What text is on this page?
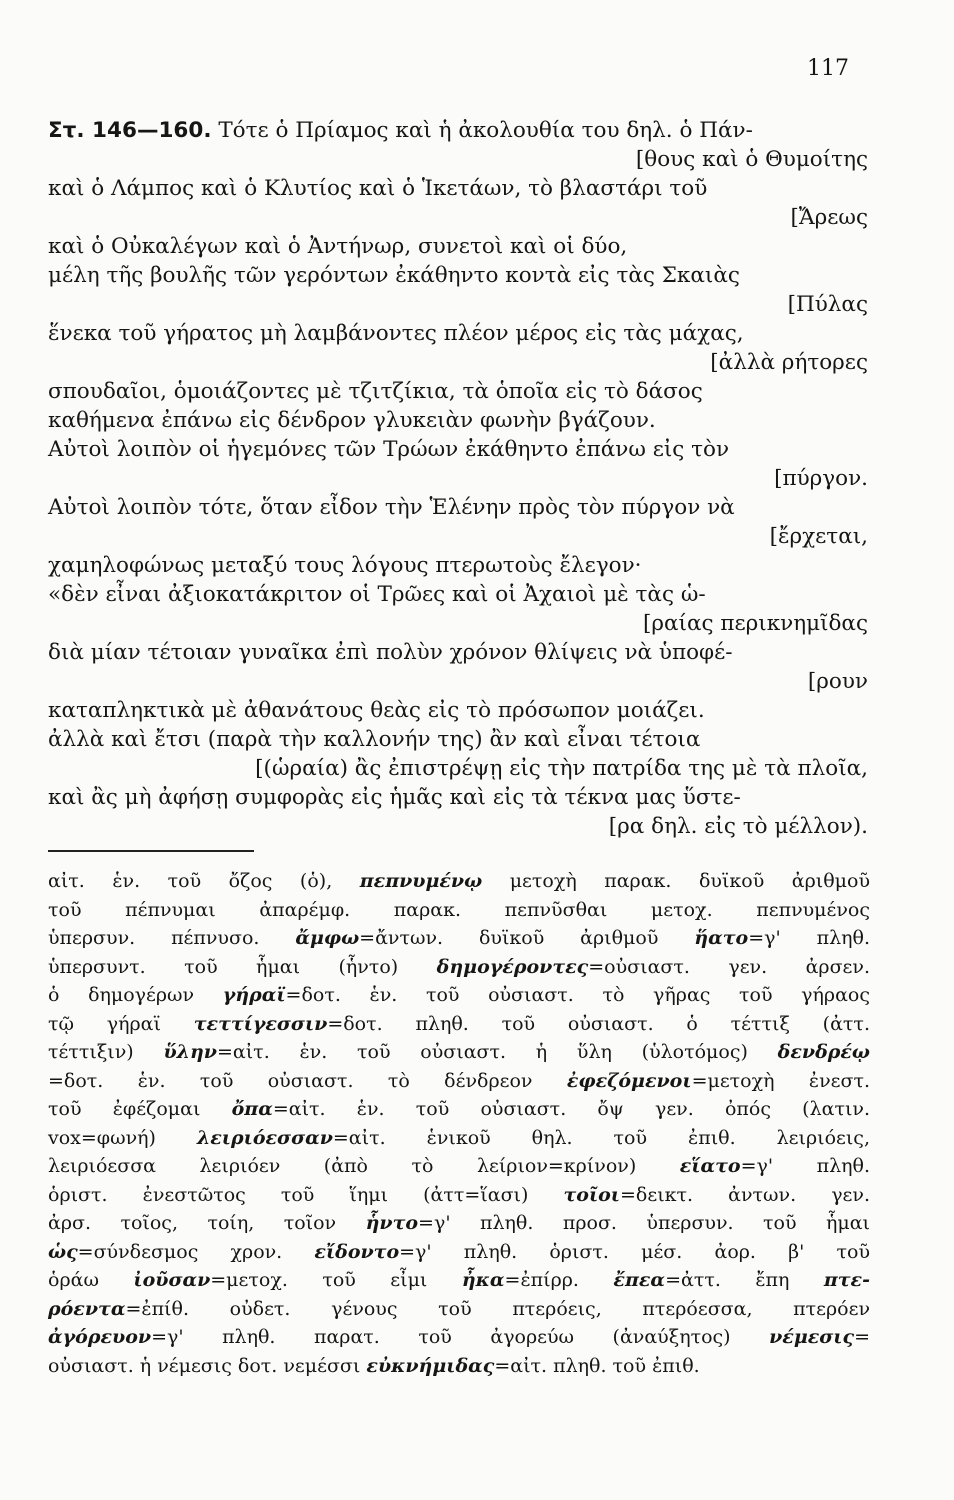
117
Στ. 146—160. Τότε ὁ Πρίαμος καὶ ἡ ἀκολουθία του δηλ. ὁ Πάν-
[θους καὶ ὁ Θυμοίτης
καὶ ὁ Λάμπος καὶ ὁ Κλυτίος καὶ ὁ Ἱκετάων, τὸ βλαστάρι τοῦ
[Ἄρεως
καὶ ὁ Οὐκαλέγων καὶ ὁ Ἀντήνωρ, συνετοὶ καὶ οἱ δύο,
μέλη τῆς βουλῆς τῶν γερόντων ἐκάθηντο κοντὰ εἰς τὰς Σκαιὰς
[Πύλας
ἕνεκα τοῦ γήρατος μὴ λαμβάνοντες πλέον μέρος εἰς τὰς μάχας,
[ἀλλὰ ρήτορες
σπουδαῖοι, ὁμοιάζοντες μὲ τζιτζίκια, τὰ ὁποῖα εἰς τὸ δάσος
καθήμενα ἐπάνω εἰς δένδρον γλυκειὰν φωνὴν βγάζουν.
Αὐτοὶ λοιπὸν οἱ ἡγεμόνες τῶν Τρώων ἐκάθηντο ἐπάνω εἰς τὸν
[πύργον.
Αὐτοὶ λοιπὸν τότε, ὅταν εἶδον τὴν Ἑλένην πρὸς τὸν πύργον νὰ
[ἔρχεται,
χαμηλοφώνως μεταξύ τους λόγους πτερωτοὺς ἔλεγον·
«δὲν εἶναι ἀξιοκατάκριτον οἱ Τρῶες καὶ οἱ Ἀχαιοὶ μὲ τὰς ὡ-
[ραίας περικνημῖδας
διὰ μίαν τέτοιαν γυναῖκα ἐπὶ πολὺν χρόνον θλίψεις νὰ ὑποφέ-
[ρουν
καταπληκτικὰ μὲ ἀθανάτους θεὰς εἰς τὸ πρόσωπον μοιάζει.
ἀλλὰ καὶ ἔτσι (παρὰ τὴν καλλονήν της) ἂν καὶ εἶναι τέτοια
[(ὡραία) ἂς ἐπιστρέψῃ εἰς τὴν πατρίδα της μὲ τὰ πλοῖα,
καὶ ἂς μὴ ἀφήσῃ συμφορὰς εἰς ἡμᾶς καὶ εἰς τὰ τέκνα μας ὕστε-
[ρα δηλ. εἰς τὸ μέλλον).
αἰτ. ἑν. τοῦ ὄζος (ὁ), πεπνυμένῳ μετοχὴ παρακ. δυϊκοῦ ἀριθμοῦ
τοῦ πέπνυμαι ἀπαρέμφ. παρακ. πεπνῦσθαι μετοχ. πεπνυμένος
ὑπερσυν. πέπνυσο. ἄμφω=ἄντων. δυϊκοῦ ἀριθμοῦ ἥατο=γ' πληθ.
ὑπερσυντ. τοῦ ἧμαι (ἧντο) δημογέροντες=οὐσιαστ. γεν. ἀρσεν.
ὁ δημογέρων γήραϊ=δοτ. ἑν. τοῦ οὐσιαστ. τὸ γῆρας τοῦ γήραος
τῷ γήραϊ τεττίγεσσιν=δοτ. πληθ. τοῦ οὐσιαστ. ὁ τέττιξ (ἀττ.
τέττιξιν) ὕλην=αἰτ. ἑν. τοῦ οὐσιαστ. ἡ ὕλη (ὑλοτόμος) δενδρέῳ
=δοτ. ἑν. τοῦ οὐσιαστ. τὸ δένδρεον ἐφεζόμενοι=μετοχὴ ἐνεστ.
τοῦ ἐφέζομαι ὄπα=αἰτ. ἑν. τοῦ οὐσιαστ. ὄψ γεν. ὀπός (λατιν.
vox=φωνή) λειριόεσσαν=αἰτ. ἑνικοῦ θηλ. τοῦ ἐπιθ. λειριόεις,
λειριόεσσα λειριόεν (ἀπὸ τὸ λείριον=κρίνον) εἵατο=γ' πληθ.
ὁριστ. ἐνεστῶτος τοῦ ἵημι (ἀττ=ἵασι) τοῖοι=δεικτ. ἀντων. γεν.
ἀρσ. τοῖος, τοίη, τοῖον ἧντο=γ' πληθ. προσ. ὑπερσυν. τοῦ ἧμαι
ὡς=σύνδεσμος χρον. εἴδοντο=γ' πληθ. ὁριστ. μέσ. ἀορ. β' τοῦ
ὁράω ἰοῦσαν=μετοχ. τοῦ εἶμι ἦκα=ἐπίρρ. ἔπεα=ἀττ. ἔπη πτε-
ρόεντα=ἐπίθ. οὐδετ. γένους τοῦ πτερόεις, πτερόεσσα, πτερόεν
ἀγόρευον=γ' πληθ. παρατ. τοῦ ἀγορεύω (ἀναύξητος) νέμεσις=
οὐσιαστ. ἡ νέμεσις δοτ. νεμέσσι εὐκνήμιδας=αἰτ. πληθ. τοῦ ἐπιθ.
